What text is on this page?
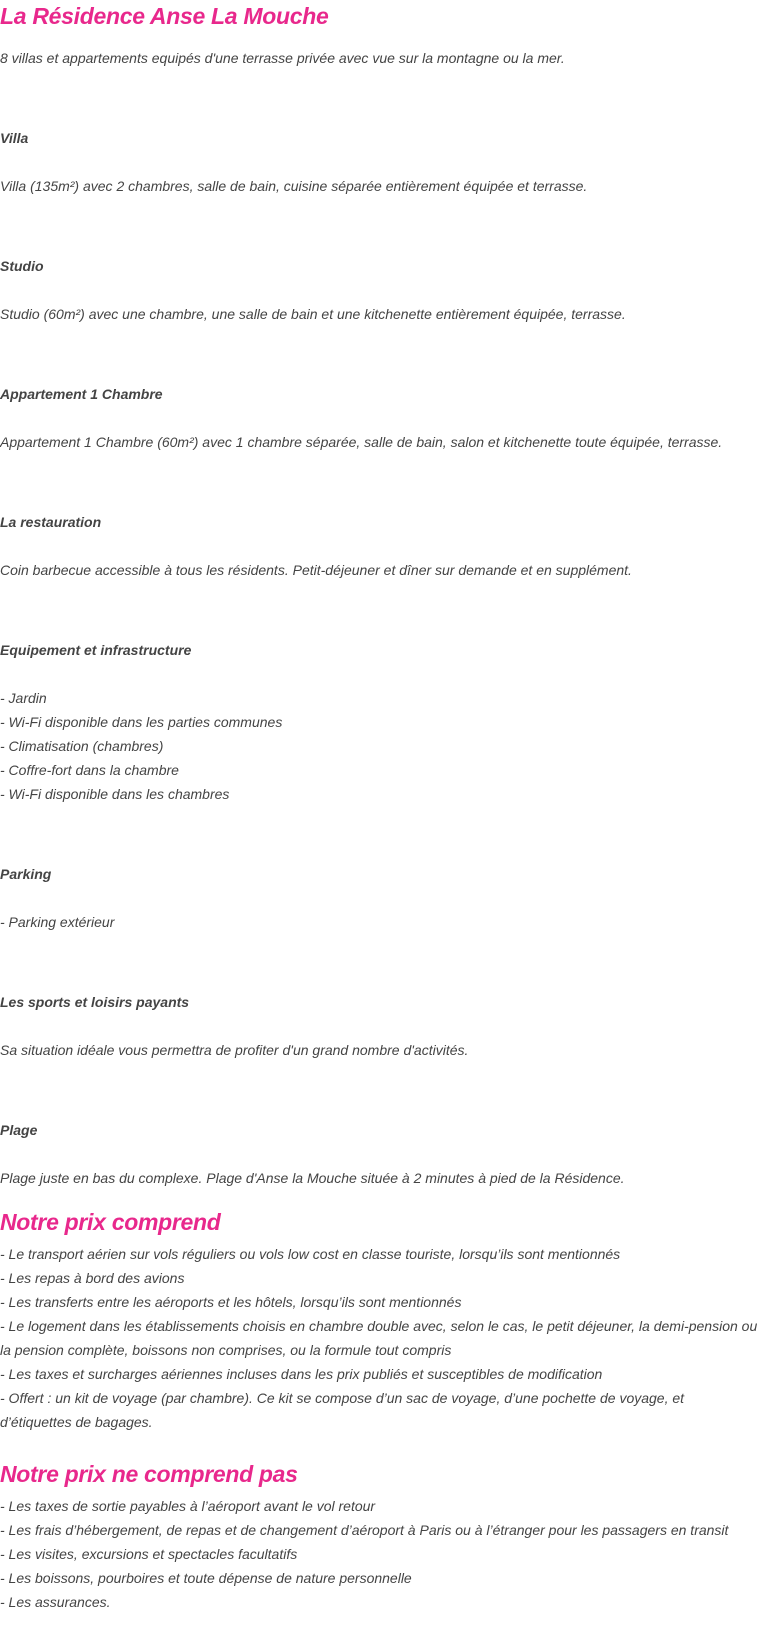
La Résidence Anse La Mouche

8 villas et appartements equipés d'une terrasse privée avec vue sur la montagne ou la mer.

Villa

Villa (135m²) avec 2 chambres, salle de bain, cuisine séparée entièrement équipée et terrasse.

Studio

Studio (60m²) avec une chambre, une salle de bain et une kitchenette entièrement équipée, terrasse.

Appartement 1 Chambre

Appartement 1 Chambre (60m²) avec 1 chambre séparée, salle de bain, salon et kitchenette toute équipée, terrasse.

La restauration

Coin barbecue accessible à tous les résidents. Petit-déjeuner et dîner sur demande et en supplément.

Equipement et infrastructure

- Jardin

- Wi-Fi disponible dans les parties communes

- Climatisation (chambres)

- Coffre-fort dans la chambre

- Wi-Fi disponible dans les chambres

Parking

- Parking extérieur

Les sports et loisirs payants

Sa situation idéale vous permettra de profiter d'un grand nombre d'activités.

Plage

Plage juste en bas du complexe. Plage d'Anse la Mouche située à 2 minutes à pied de la Résidence.

Notre prix comprend

- Le transport aérien sur vols réguliers ou vols low cost en classe touriste, lorsqu’ils sont mentionnés

- Les repas à bord des avions

- Les transferts entre les aéroports et les hôtels, lorsqu’ils sont mentionnés

- Le logement dans les établissements choisis en chambre double avec, selon le cas, le petit déjeuner, la demi-pension ou la pension complète, boissons non comprises, ou la formule tout compris

- Les taxes et surcharges aériennes incluses dans les prix publiés et susceptibles de modification

- Offert : un kit de voyage (par chambre). Ce kit se compose d’un sac de voyage, d’une pochette de voyage, et d’étiquettes de bagages.

Notre prix ne comprend pas

- Les taxes de sortie payables à l’aéroport avant le vol retour

- Les frais d’hébergement, de repas et de changement d’aéroport à Paris ou à l’étranger pour les passagers en transit

- Les visites, excursions et spectacles facultatifs

- Les boissons, pourboires et toute dépense de nature personnelle

- Les assurances.
